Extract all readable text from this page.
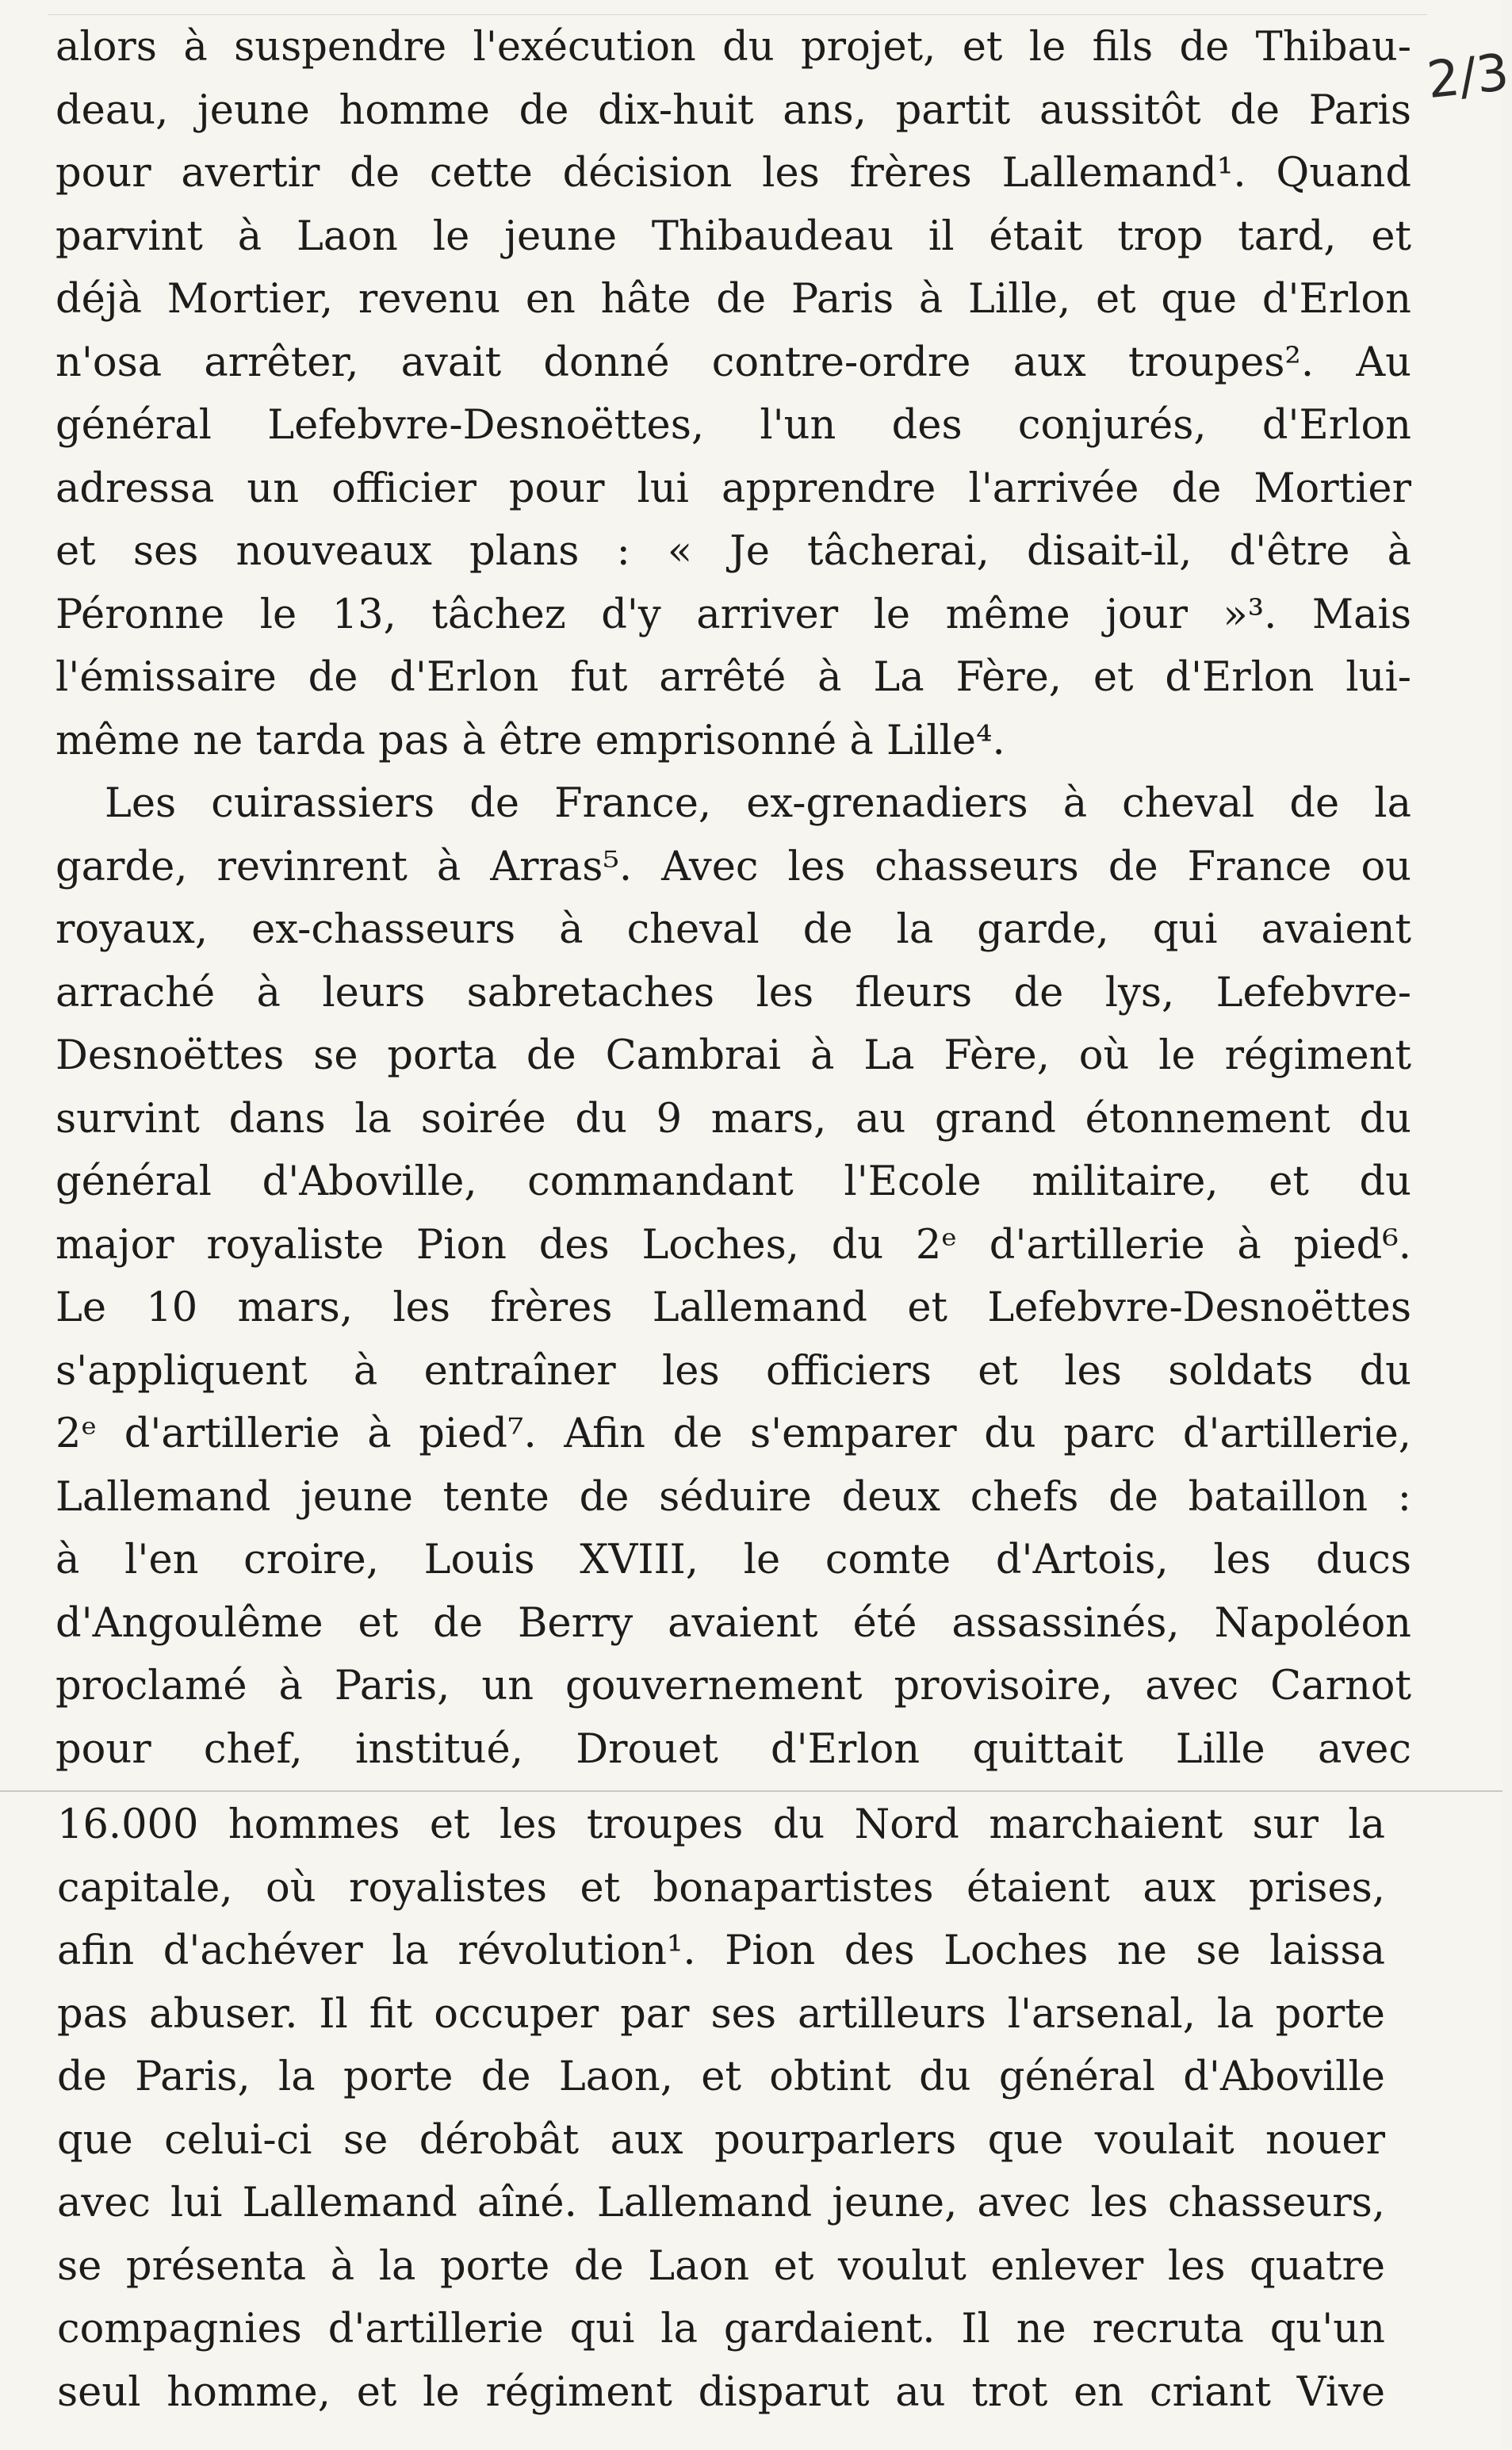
2/3
alors à suspendre l'exécution du projet, et le fils de Thibau-
deau, jeune homme de dix-huit ans, partit aussitôt de Paris
pour avertir de cette décision les frères Lallemand¹. Quand
parvint à Laon le jeune Thibaudeau il était trop tard, et
déjà Mortier, revenu en hâte de Paris à Lille, et que d'Erlon
n'osa arrêter, avait donné contre-ordre aux troupes². Au
général Lefebvre-Desnoëttes, l'un des conjurés, d'Erlon
adressa un officier pour lui apprendre l'arrivée de Mortier
et ses nouveaux plans : « Je tâcherai, disait-il, d'être à
Péronne le 13, tâchez d'y arriver le même jour »³. Mais
l'émissaire de d'Erlon fut arrêté à La Fère, et d'Erlon lui-
même ne tarda pas à être emprisonné à Lille⁴.
Les cuirassiers de France, ex-grenadiers à cheval de la
garde, revinrent à Arras⁵. Avec les chasseurs de France ou
royaux, ex-chasseurs à cheval de la garde, qui avaient
arraché à leurs sabretaches les fleurs de lys, Lefebvre-
Desnoëttes se porta de Cambrai à La Fère, où le régiment
survint dans la soirée du 9 mars, au grand étonnement du
général d'Aboville, commandant l'Ecole militaire, et du
major royaliste Pion des Loches, du 2ᵉ d'artillerie à pied⁶.
Le 10 mars, les frères Lallemand et Lefebvre-Desnoëttes
s'appliquent à entraîner les officiers et les soldats du
2ᵉ d'artillerie à pied⁷. Afin de s'emparer du parc d'artillerie,
Lallemand jeune tente de séduire deux chefs de bataillon :
à l'en croire, Louis XVIII, le comte d'Artois, les ducs
d'Angoulême et de Berry avaient été assassinés, Napoléon
proclamé à Paris, un gouvernement provisoire, avec Carnot
pour chef, institué, Drouet d'Erlon quittait Lille avec
16.000 hommes et les troupes du Nord marchaient sur la
capitale, où royalistes et bonapartistes étaient aux prises,
afin d'achéver la révolution¹. Pion des Loches ne se laissa
pas abuser. Il fit occuper par ses artilleurs l'arsenal, la porte
de Paris, la porte de Laon, et obtint du général d'Aboville
que celui-ci se dérobât aux pourparlers que voulait nouer
avec lui Lallemand aîné. Lallemand jeune, avec les chasseurs,
se présenta à la porte de Laon et voulut enlever les quatre
compagnies d'artillerie qui la gardaient. Il ne recruta qu'un
seul homme, et le régiment disparut au trot en criant Vive
